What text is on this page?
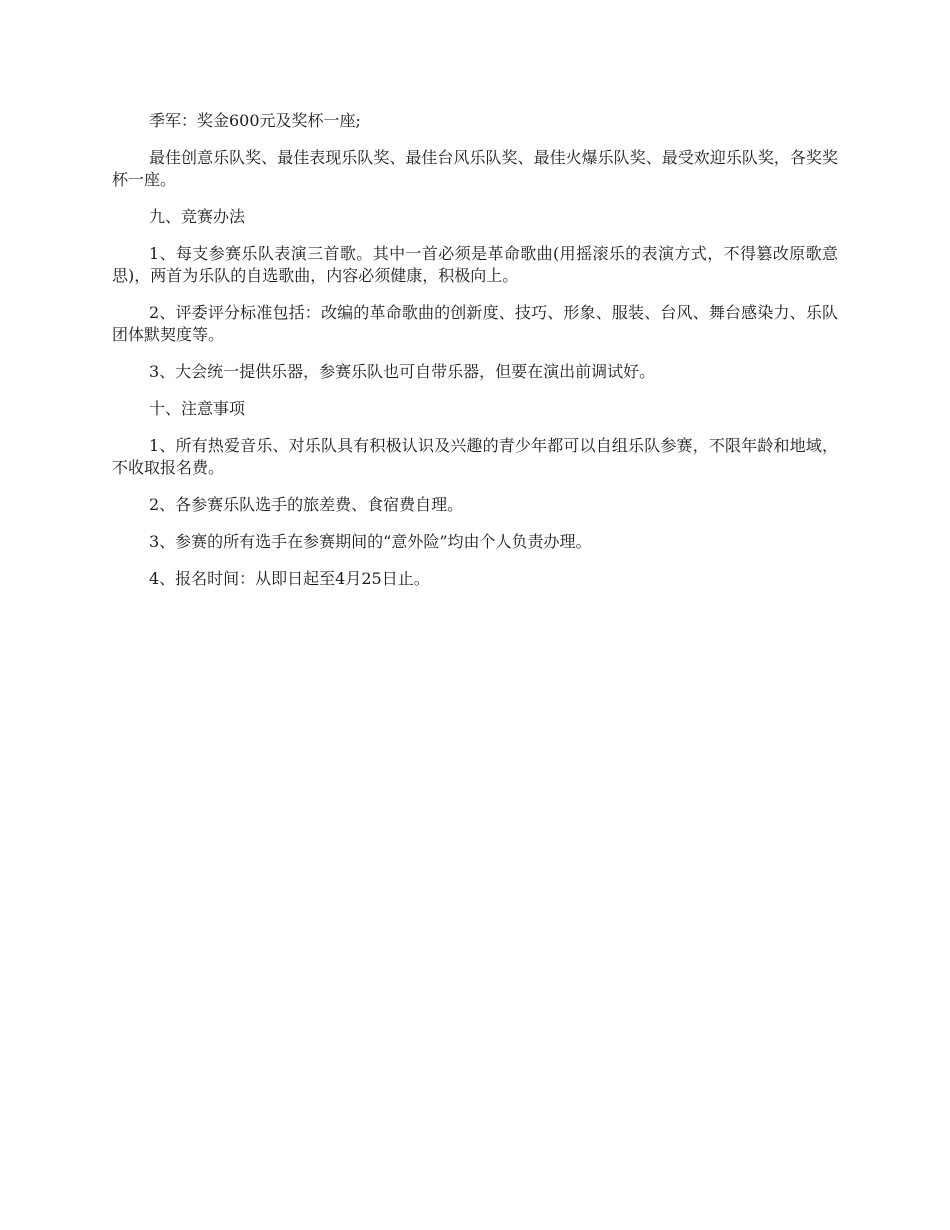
季军：奖金600元及奖杯一座;

最佳创意乐队奖、最佳表现乐队奖、最佳台风乐队奖、最佳火爆乐队奖、最受欢迎乐队奖，各奖奖杯一座。

九、竞赛办法

1、每支参赛乐队表演三首歌。其中一首必须是革命歌曲(用摇滚乐的表演方式，不得篡改原歌意思)，两首为乐队的自选歌曲，内容必须健康，积极向上。

2、评委评分标准包括：改编的革命歌曲的创新度、技巧、形象、服装、台风、舞台感染力、乐队团体默契度等。

3、大会统一提供乐器，参赛乐队也可自带乐器，但要在演出前调试好。

十、注意事项

1、所有热爱音乐、对乐队具有积极认识及兴趣的青少年都可以自组乐队参赛，不限年龄和地域，不收取报名费。

2、各参赛乐队选手的旅差费、食宿费自理。

3、参赛的所有选手在参赛期间的“意外险”均由个人负责办理。

4、报名时间：从即日起至4月25日止。
